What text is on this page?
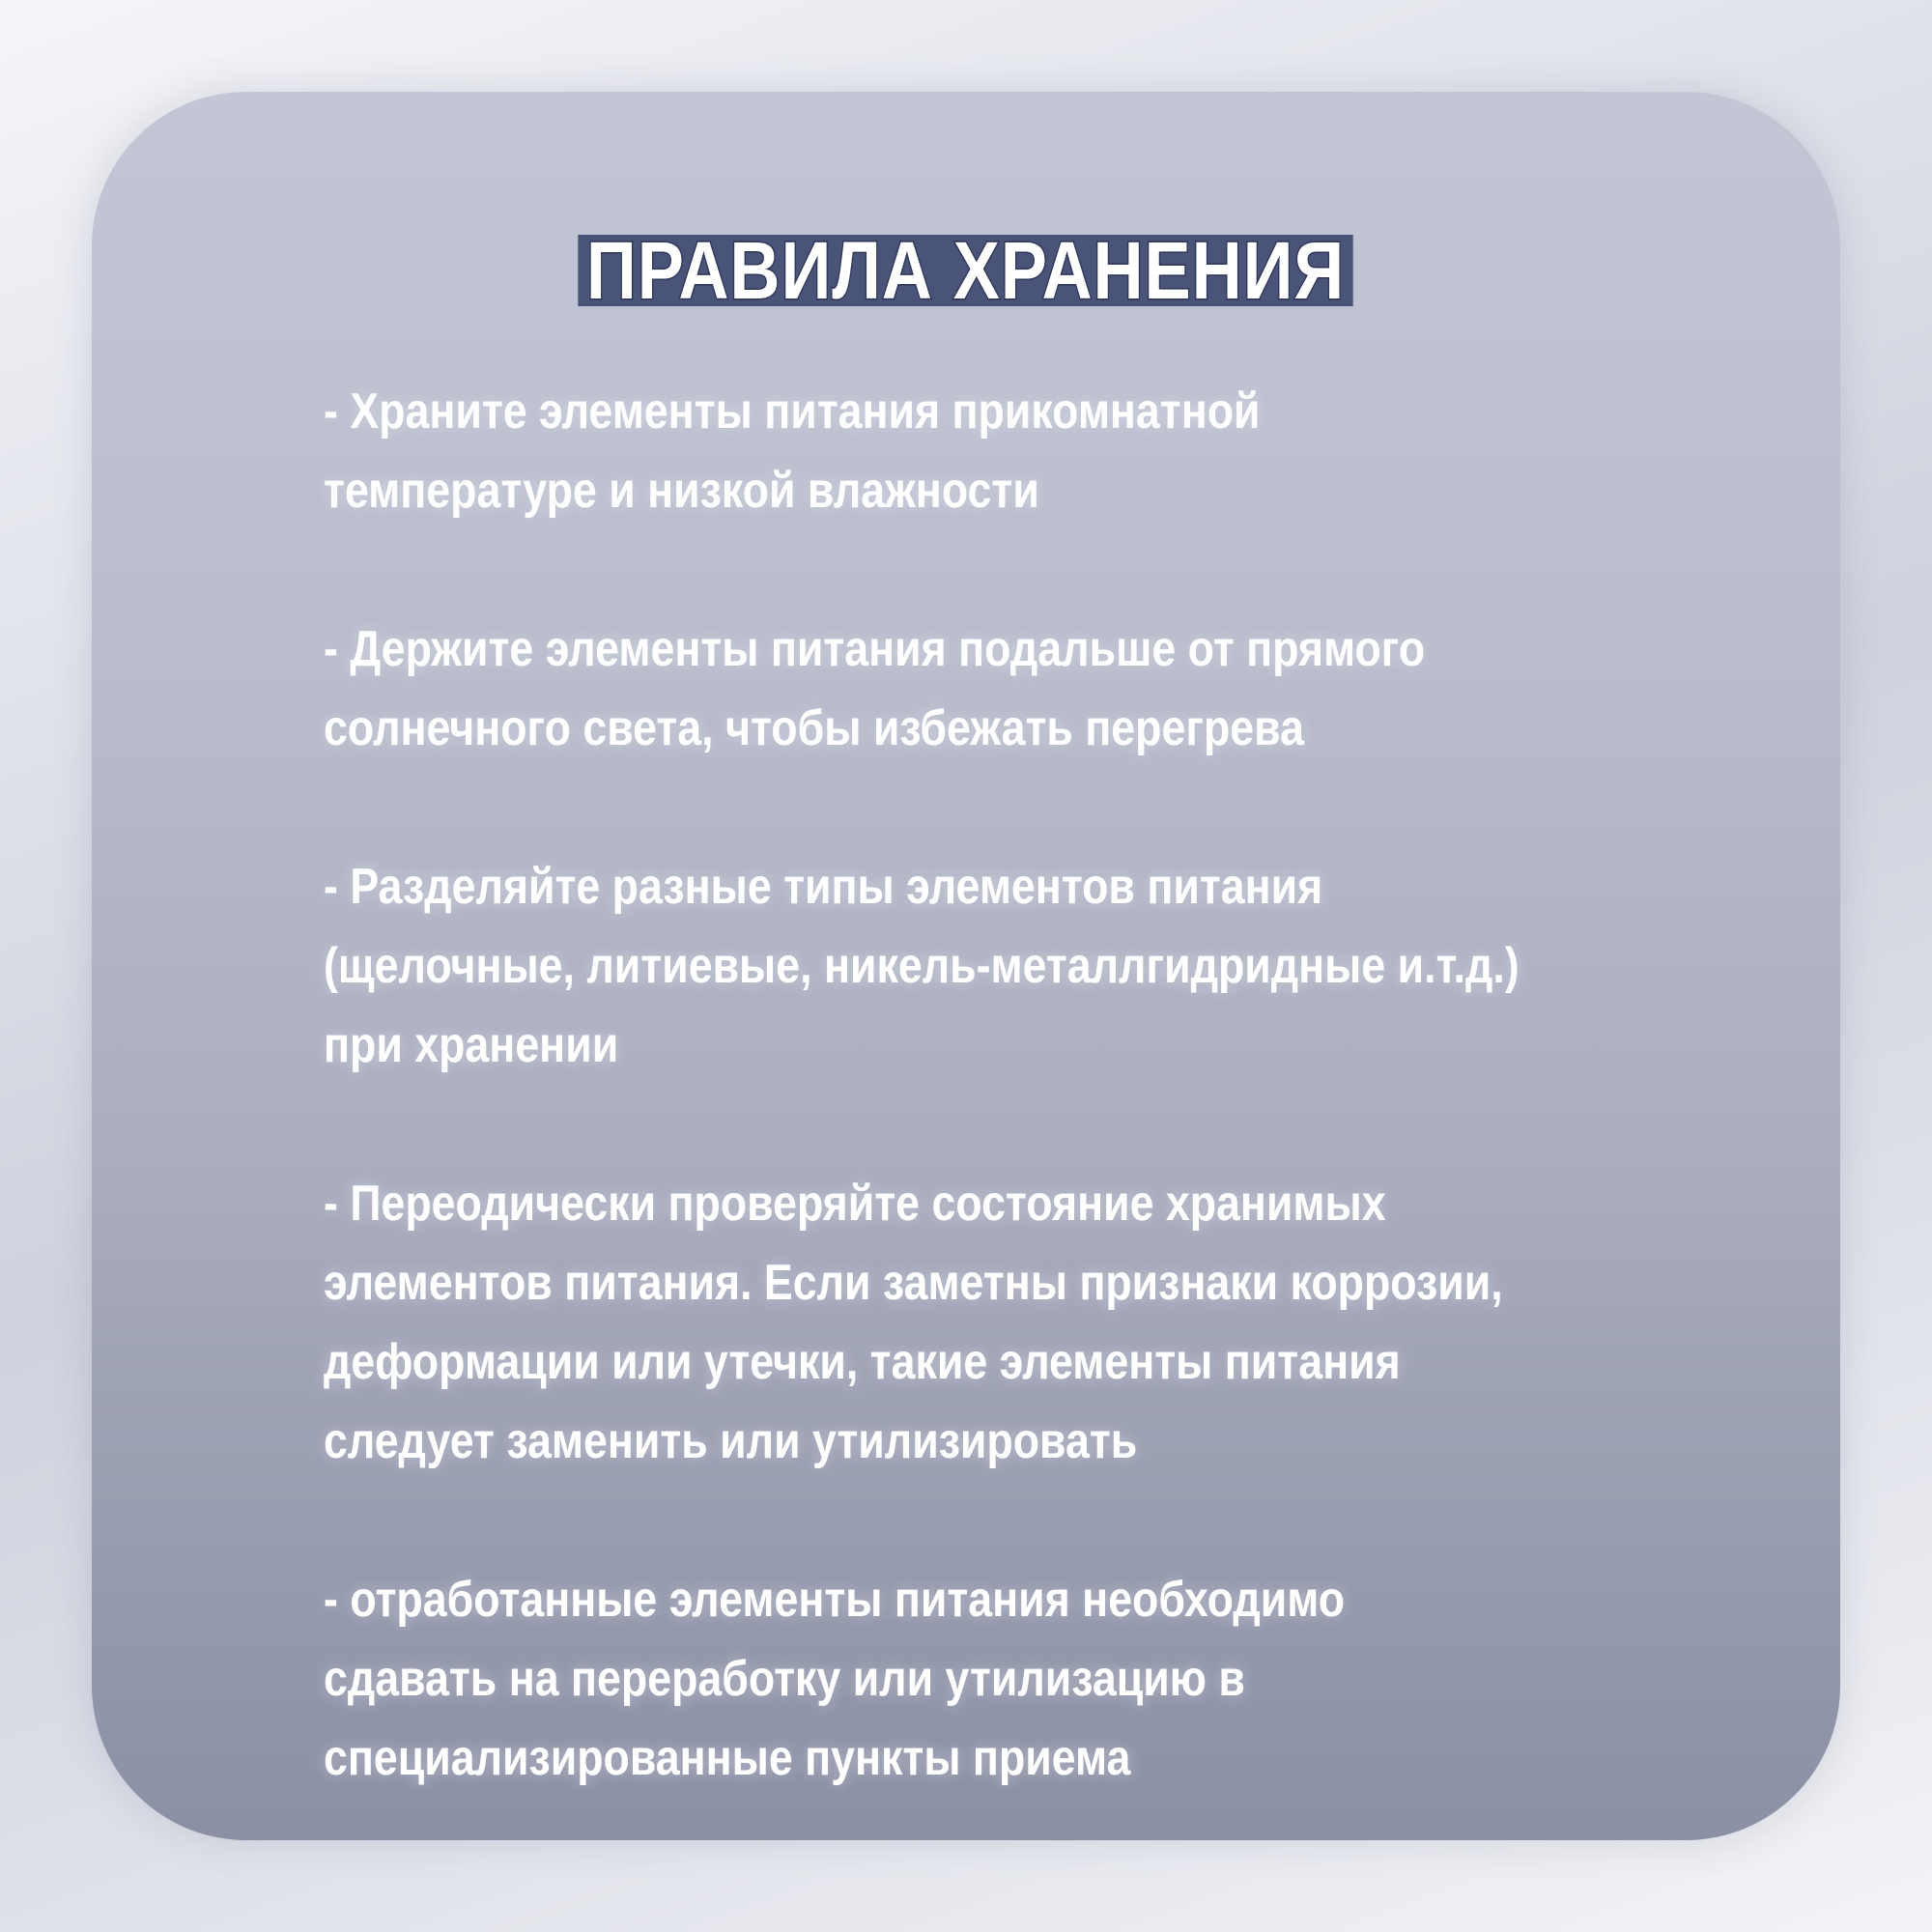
ПРАВИЛА ХРАНЕНИЯ

- Храните элементы питания прикомнатной
температуре и низкой влажности

- Держите элементы питания подальше от прямого
солнечного света, чтобы избежать перегрева

- Разделяйте разные типы элементов питания
(щелочные, литиевые, никель-металлгидридные и.т.д.)
при хранении

- Переодически проверяйте состояние хранимых
элементов питания. Если заметны признаки коррозии,
деформации или утечки, такие элементы питания
следует заменить или утилизировать

- отработанные элементы питания необходимо
сдавать на переработку или утилизацию в
специализированные пункты приема
